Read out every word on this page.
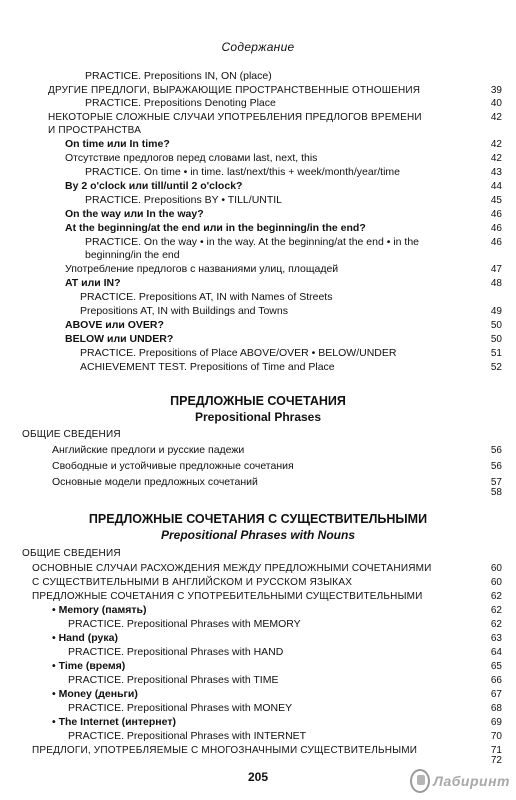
Содержание
PRACTICE. Prepositions IN, ON (place)
ДРУГИЕ ПРЕДЛОГИ, ВЫРАЖАЮЩИЕ ПРОСТРАНСТВЕННЫЕ ОТНОШЕНИЯ	39
PRACTICE. Prepositions Denoting Place	40
НЕКОТОРЫЕ СЛОЖНЫЕ СЛУЧАИ УПОТРЕБЛЕНИЯ ПРЕДЛОГОВ ВРЕМЕНИ	42
И ПРОСТРАНСТВА
On time или In time?	42
Отсутствие предлогов перед словами last, next, this	42
PRACTICE. On time • in time. last/next/this + week/month/year/time	43
By 2 o'clock или till/until 2 o'clock?	44
PRACTICE. Prepositions BY • TILL/UNTIL	45
On the way или In the way?	46
At the beginning/at the end или in the beginning/in the end?	46
PRACTICE. On the way • in the way. At the beginning/at the end • in the	46
beginning/in the end
Употребление предлогов с названиями улиц, площадей	47
AT или IN?	48
PRACTICE. Prepositions AT, IN with Names of Streets
Prepositions AT, IN with Buildings and Towns	49
ABOVE или OVER?	50
BELOW или UNDER?	50
PRACTICE. Prepositions of Place ABOVE/OVER • BELOW/UNDER	51
ACHIEVEMENT TEST. Prepositions of Time and Place	52
ОБЩИЕ СВЕДЕНИЯ
Английские предлоги и русские падежи	56
Свободные и устойчивые предложные сочетания	56
Основные модели предложных сочетаний	57
58
ОБЩИЕ СВЕДЕНИЯ
ОСНОВНЫЕ СЛУЧАИ РАСХОЖДЕНИЯ МЕЖДУ ПРЕДЛОЖНЫМИ СОЧЕТАНИЯМИ	60
С СУЩЕСТВИТЕЛЬНЫМИ В АНГЛИЙСКОМ И РУССКОМ ЯЗЫКАХ	60
ПРЕДЛОЖНЫЕ СОЧЕТАНИЯ С УПОТРЕБИТЕЛЬНЫМИ СУЩЕСТВИТЕЛЬНЫМИ	62
• Memory (память)	62
PRACTICE. Prepositional Phrases with MEMORY	62
• Hand (рука)	63
PRACTICE. Prepositional Phrases with HAND	64
• Time (время)	65
PRACTICE. Prepositional Phrases with TIME	66
• Money (деньги)	67
PRACTICE. Prepositional Phrases with MONEY	68
• The Internet (интернет)	69
PRACTICE. Prepositional Phrases with INTERNET	70
ПРЕДЛОГИ, УПОТРЕБЛЯЕМЫЕ С МНОГОЗНАЧНЫМИ СУЩЕСТВИТЕЛЬНЫМИ	71
72
ПРЕДЛОЖНЫЕ СОЧЕТАНИЯ
Prepositional Phrases
ПРЕДЛОЖНЫЕ СОЧЕТАНИЯ С СУЩЕСТВИТЕЛЬНЫМИ
Prepositional Phrases with Nouns
205	Лабиринт
